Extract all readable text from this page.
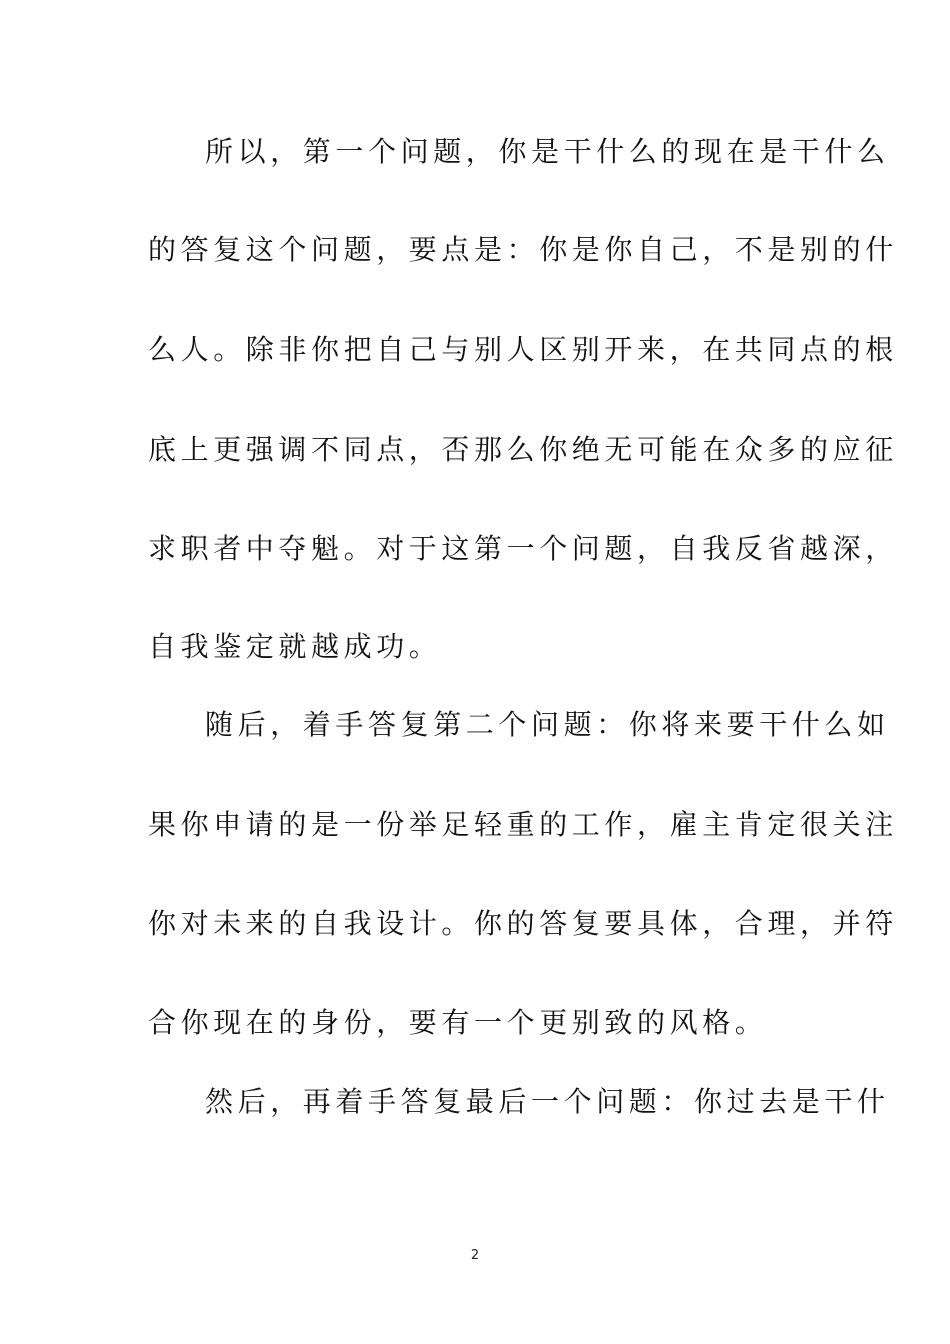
所以，第一个问题，你是干什么的现在是干什么
的答复这个问题，要点是：你是你自己，不是别的什
么人。除非你把自己与别人区别开来，在共同点的根
底上更强调不同点，否那么你绝无可能在众多的应征
求职者中夺魁。对于这第一个问题，自我反省越深，
自我鉴定就越成功。
随后，着手答复第二个问题：你将来要干什么如
果你申请的是一份举足轻重的工作，雇主肯定很关注
你对未来的自我设计。你的答复要具体，合理，并符
合你现在的身份，要有一个更别致的风格。
然后，再着手答复最后一个问题：你过去是干什
2
